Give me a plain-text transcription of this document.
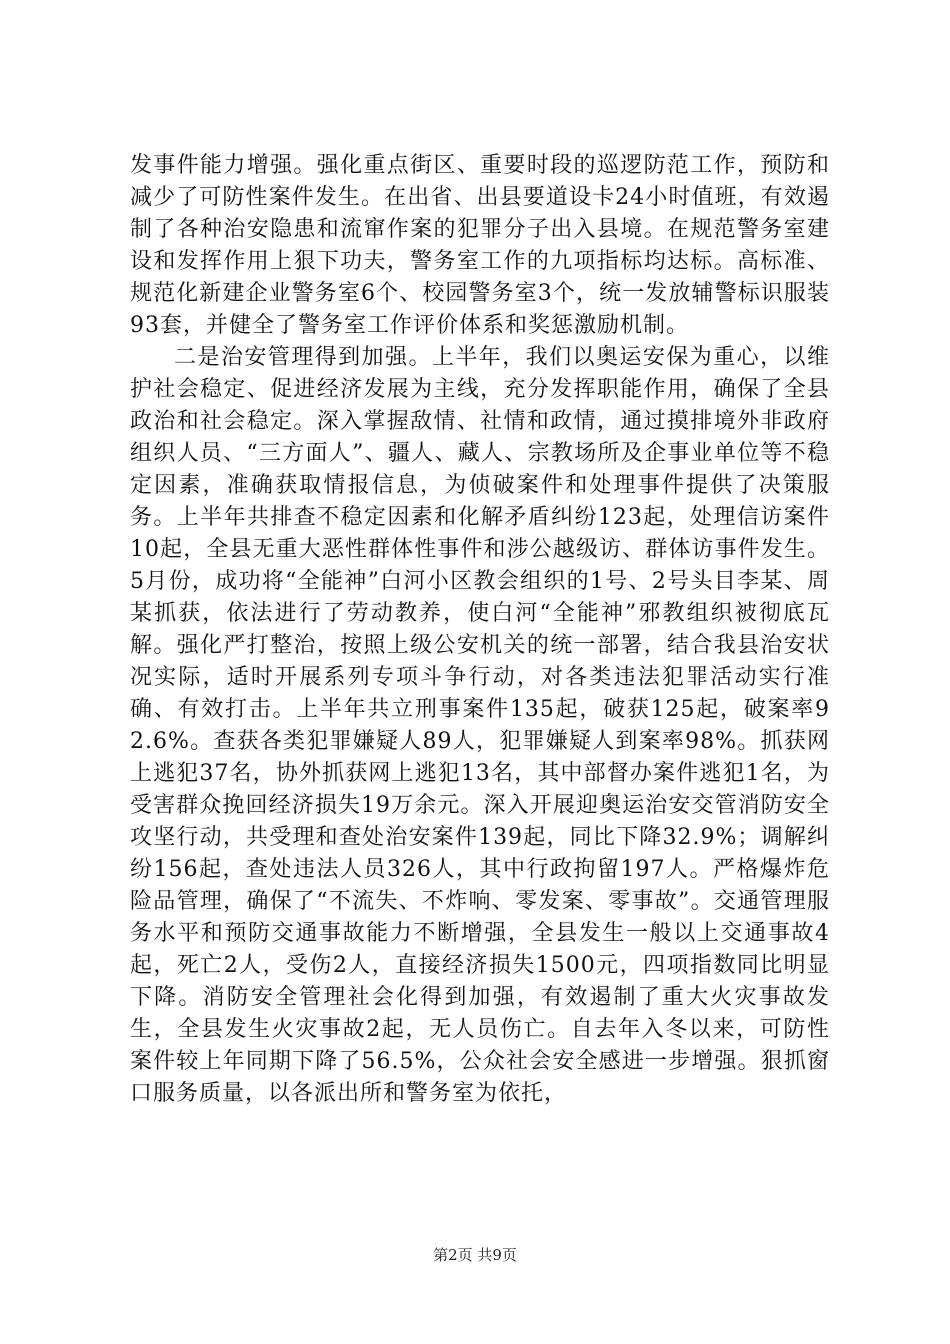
发事件能力增强。强化重点街区、重要时段的巡逻防范工作，预防和减少了可防性案件发生。在出省、出县要道设卡24小时值班，有效遏制了各种治安隐患和流窜作案的犯罪分子出入县境。在规范警务室建设和发挥作用上狠下功夫，警务室工作的九项指标均达标。高标准、规范化新建企业警务室6个、校园警务室3个，统一发放辅警标识服装93套，并健全了警务室工作评价体系和奖惩激励机制。

二是治安管理得到加强。上半年，我们以奥运安保为重心，以维护社会稳定、促进经济发展为主线，充分发挥职能作用，确保了全县政治和社会稳定。深入掌握敌情、社情和政情，通过摸排境外非政府组织人员、“三方面人”、疆人、藏人、宗教场所及企事业单位等不稳定因素，准确获取情报信息，为侦破案件和处理事件提供了决策服务。上半年共排查不稳定因素和化解矛盾纠纷123起，处理信访案件10起，全县无重大恶性群体性事件和涉公越级访、群体访事件发生。5月份，成功将“全能神”白河小区教会组织的1号、2号头目李某、周某抓获，依法进行了劳动教养，使白河“全能神”邪教组织被彻底瓦解。强化严打整治，按照上级公安机关的统一部署，结合我县治安状况实际，适时开展系列专项斗争行动，对各类违法犯罪活动实行准确、有效打击。上半年共立刑事案件135起，破获125起，破案率92.6%。查获各类犯罪嫌疑人89人，犯罪嫌疑人到案率98%。抓获网上逃犯37名，协外抓获网上逃犯13名，其中部督办案件逃犯1名，为受害群众挽回经济损失19万余元。深入开展迎奥运治安交管消防安全攻坚行动，共受理和查处治安案件139起，同比下降32.9%；调解纠纷156起，查处违法人员326人，其中行政拘留197人。严格爆炸危险品管理，确保了“不流失、不炸响、零发案、零事故”。交通管理服务水平和预防交通事故能力不断增强，全县发生一般以上交通事故4起，死亡2人，受伤2人，直接经济损失1500元，四项指数同比明显下降。消防安全管理社会化得到加强，有效遏制了重大火灾事故发生，全县发生火灾事故2起，无人员伤亡。自去年入冬以来，可防性案件较上年同期下降了56.5%，公众社会安全感进一步增强。狠抓窗口服务质量，以各派出所和警务室为依托，

第2页 共9页
